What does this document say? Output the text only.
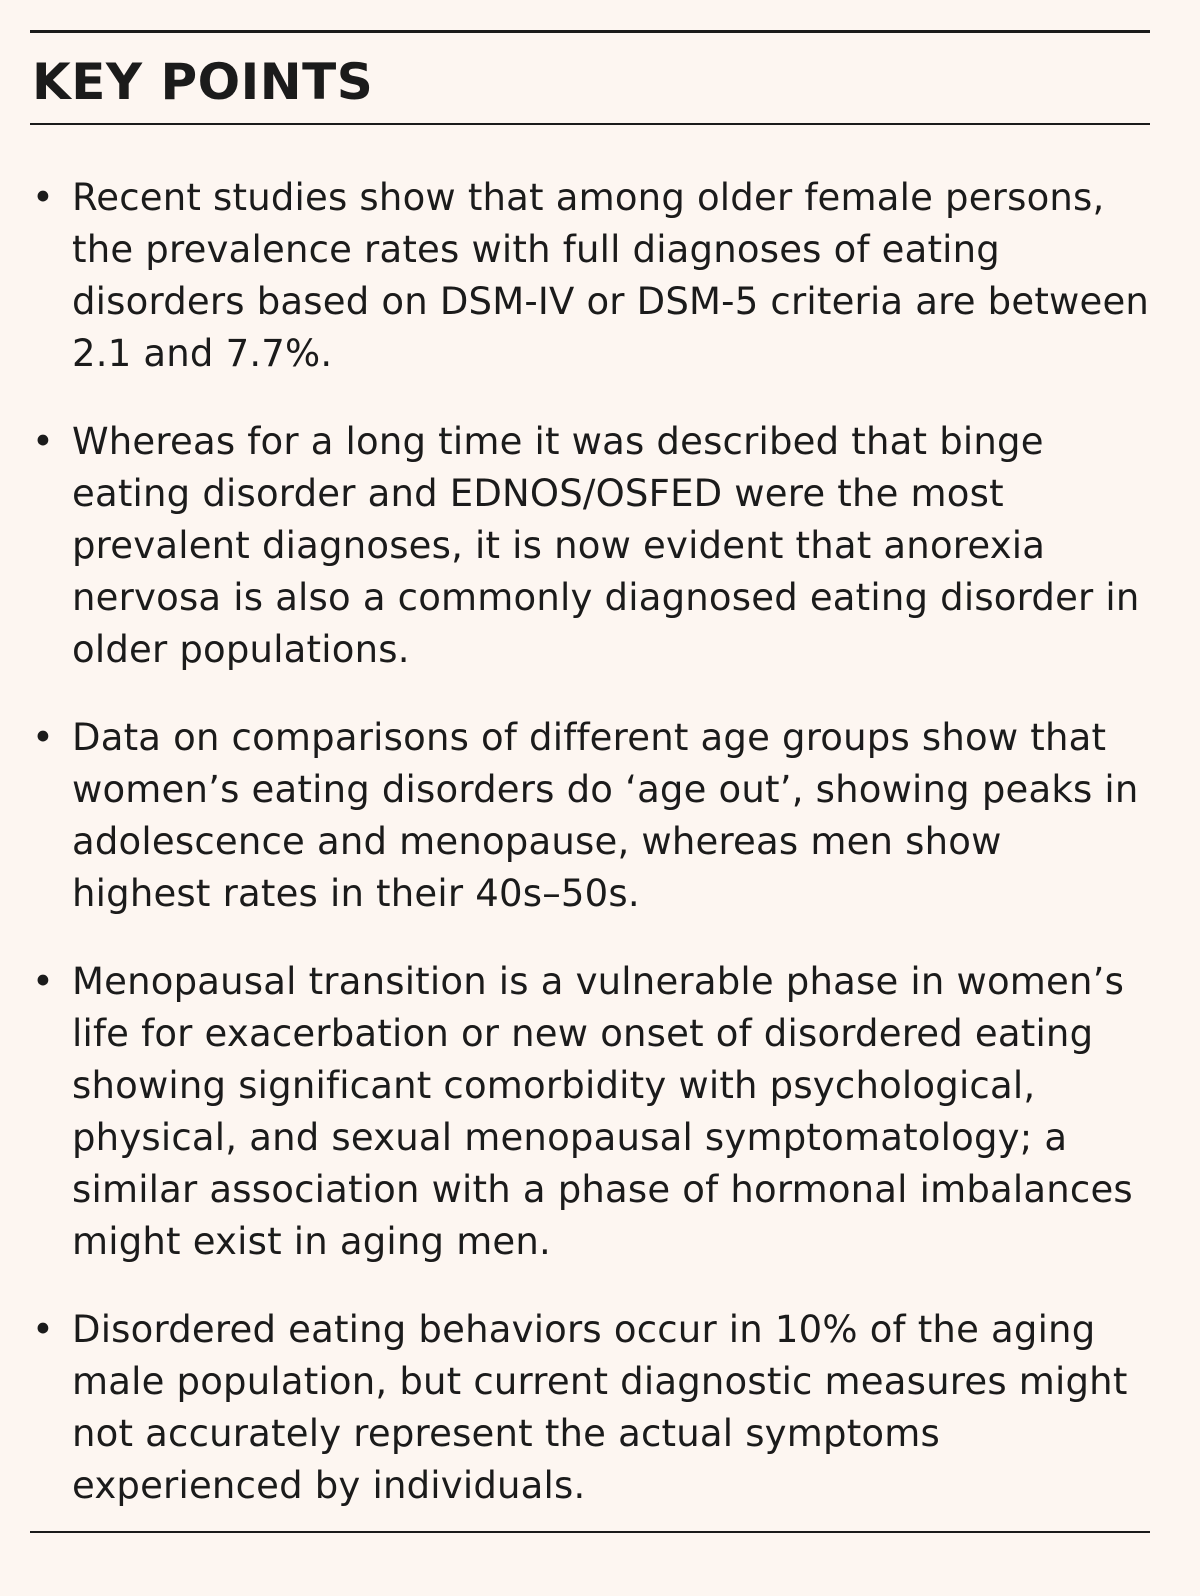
KEY POINTS
• Recent studies show that among older female persons, the prevalence rates with full diagnoses of eating disorders based on DSM-IV or DSM-5 criteria are between 2.1 and 7.7%.
• Whereas for a long time it was described that binge eating disorder and EDNOS/OSFED were the most prevalent diagnoses, it is now evident that anorexia nervosa is also a commonly diagnosed eating disorder in older populations.
• Data on comparisons of different age groups show that women’s eating disorders do ‘age out’, showing peaks in adolescence and menopause, whereas men show highest rates in their 40s–50s.
• Menopausal transition is a vulnerable phase in women’s life for exacerbation or new onset of disordered eating showing significant comorbidity with psychological, physical, and sexual menopausal symptomatology; a similar association with a phase of hormonal imbalances might exist in aging men.
• Disordered eating behaviors occur in 10% of the aging male population, but current diagnostic measures might not accurately represent the actual symptoms experienced by individuals.
